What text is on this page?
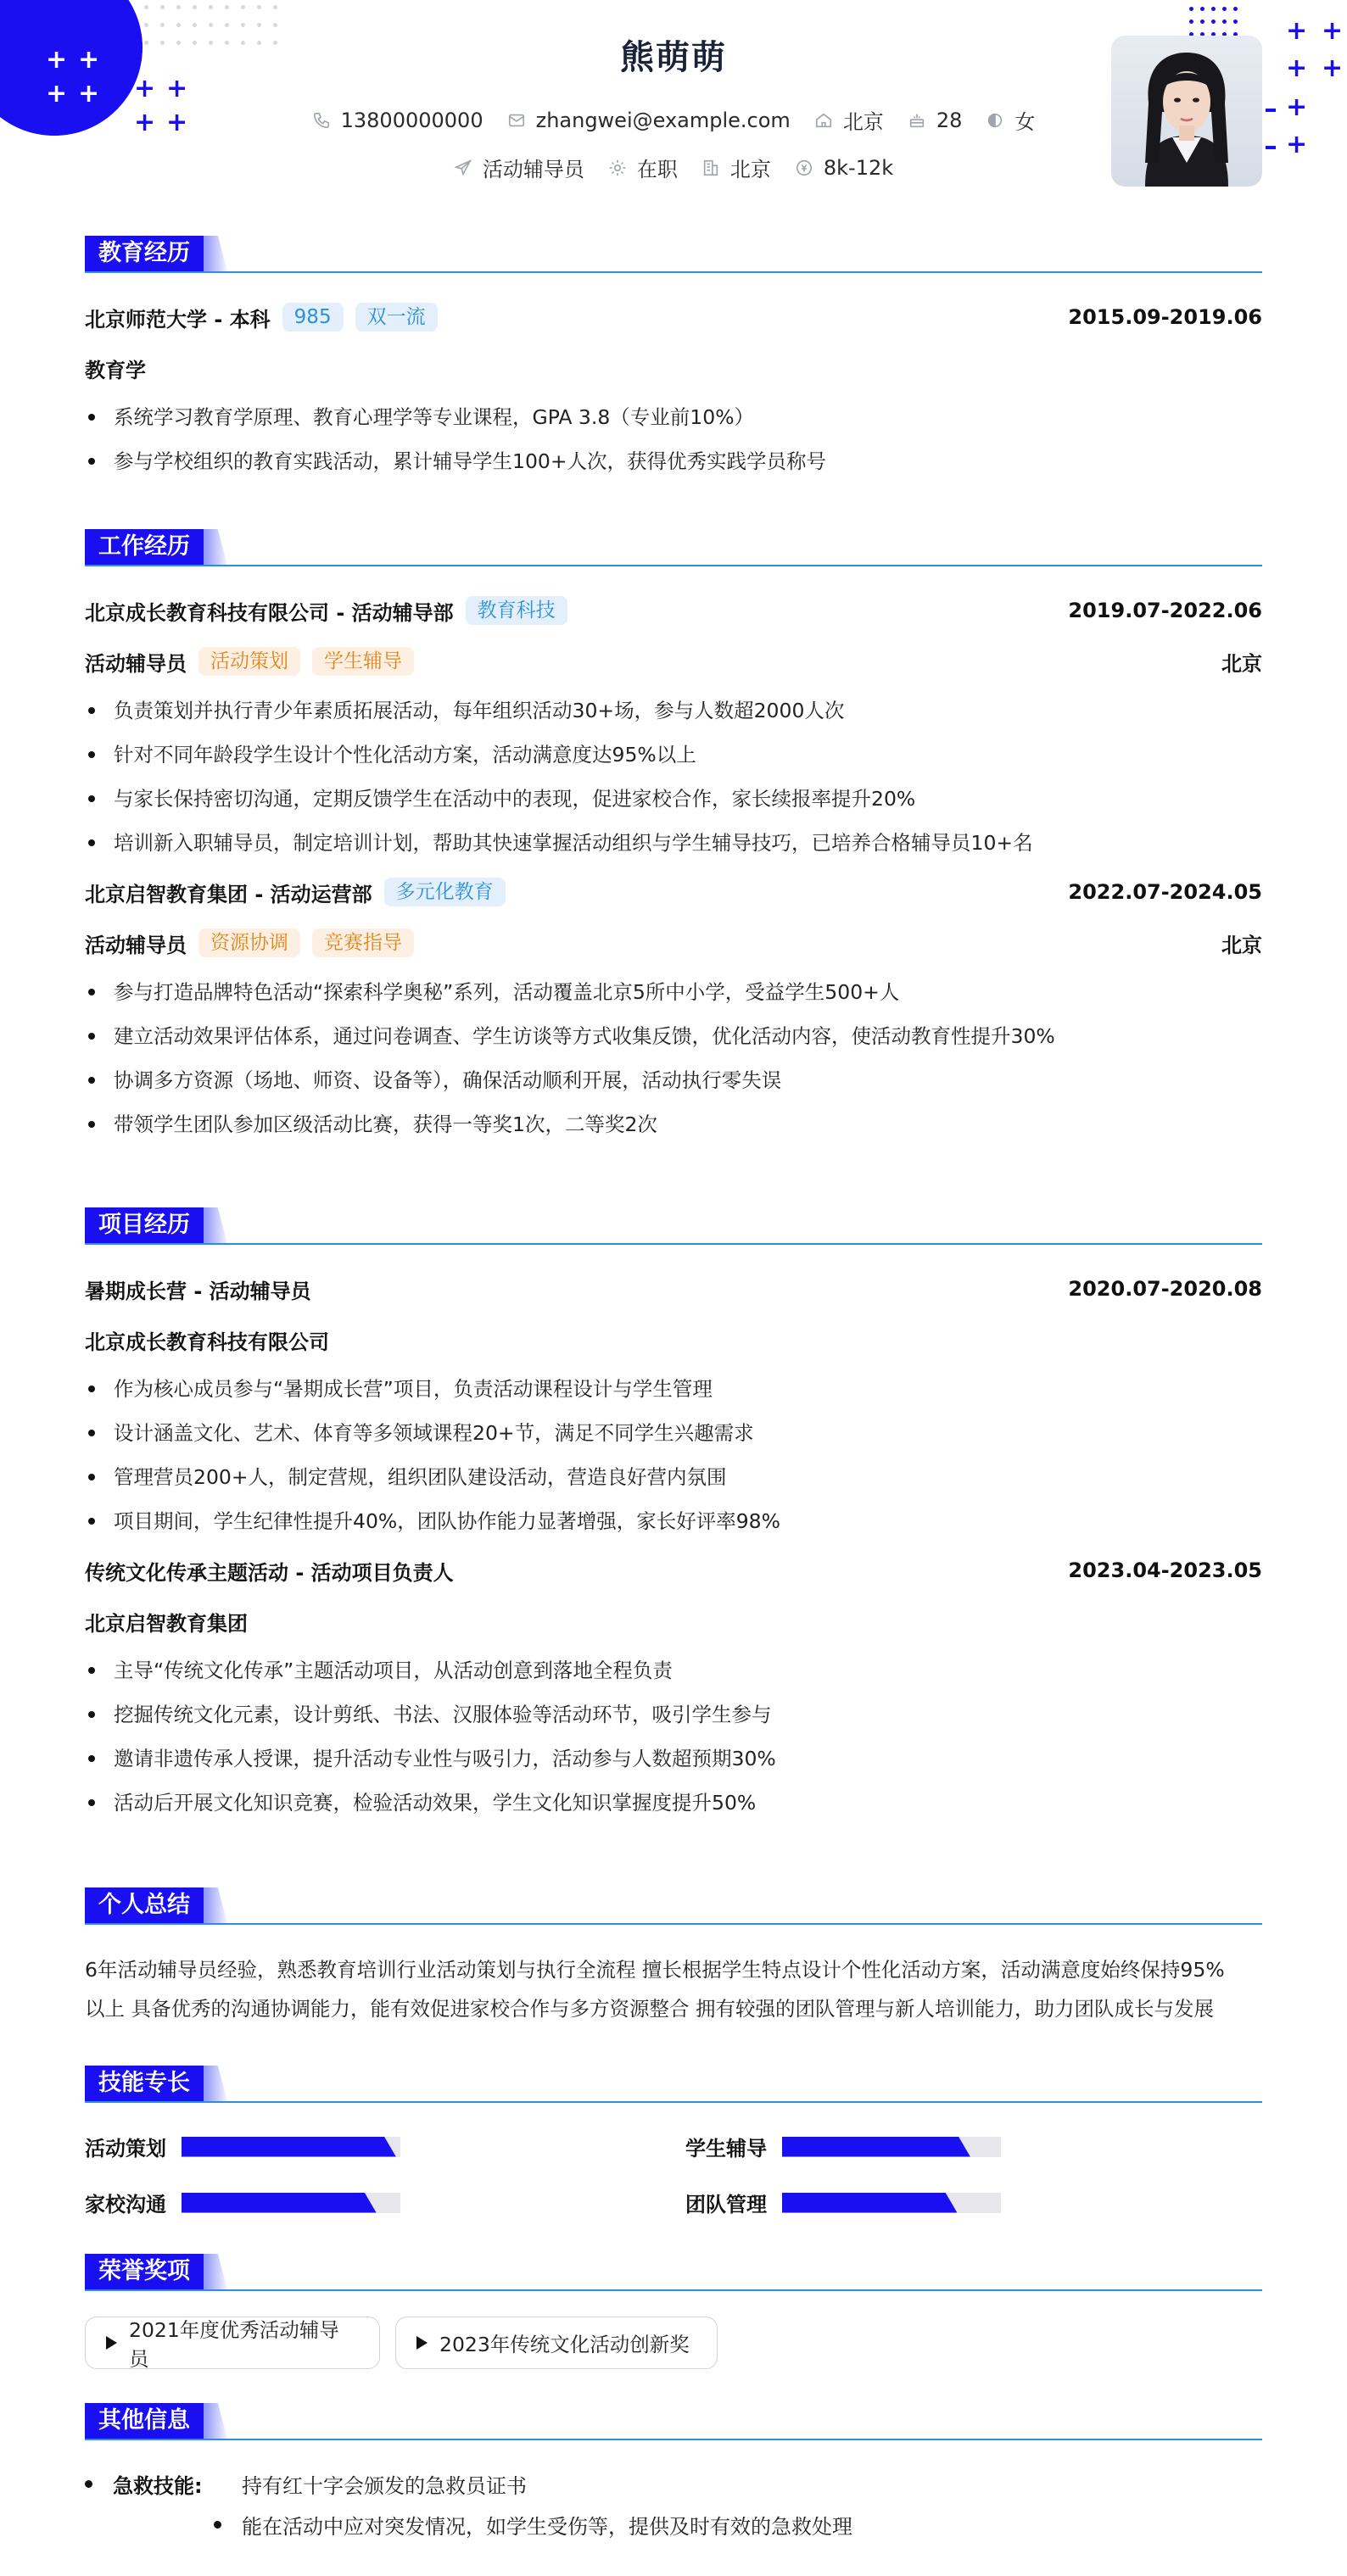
+ +
+ + + +
+ +
+ +
+ +
+
+
熊萌萌
13800000000	zhangwei@example.com	北京	28	女
活动辅导员	在职	北京	8k-12k
教育经历
北京师范大学 - 本科	985	双一流	2015.09-2019.06
教育学
系统学习教育学原理、教育心理学等专业课程，GPA 3.8（专业前10%）
参与学校组织的教育实践活动，累计辅导学生100+人次，获得优秀实践学员称号
工作经历
北京成长教育科技有限公司 - 活动辅导部	教育科技	2019.07-2022.06
活动辅导员	活动策划	学生辅导	北京
负责策划并执行青少年素质拓展活动，每年组织活动30+场，参与人数超2000人次
针对不同年龄段学生设计个性化活动方案，活动满意度达95%以上
与家长保持密切沟通，定期反馈学生在活动中的表现，促进家校合作，家长续报率提升20%
培训新入职辅导员，制定培训计划，帮助其快速掌握活动组织与学生辅导技巧，已培养合格辅导员10+名
北京启智教育集团 - 活动运营部	多元化教育	2022.07-2024.05
活动辅导员	资源协调	竞赛指导	北京
参与打造品牌特色活动“探索科学奥秘”系列，活动覆盖北京5所中小学，受益学生500+人
建立活动效果评估体系，通过问卷调查、学生访谈等方式收集反馈，优化活动内容，使活动教育性提升30%
协调多方资源（场地、师资、设备等），确保活动顺利开展，活动执行零失误
带领学生团队参加区级活动比赛，获得一等奖1次，二等奖2次
项目经历
暑期成长营 - 活动辅导员	2020.07-2020.08
北京成长教育科技有限公司
作为核心成员参与“暑期成长营”项目，负责活动课程设计与学生管理
设计涵盖文化、艺术、体育等多领域课程20+节，满足不同学生兴趣需求
管理营员200+人，制定营规，组织团队建设活动，营造良好营内氛围
项目期间，学生纪律性提升40%，团队协作能力显著增强，家长好评率98%
传统文化传承主题活动 - 活动项目负责人	2023.04-2023.05
北京启智教育集团
主导“传统文化传承”主题活动项目，从活动创意到落地全程负责
挖掘传统文化元素，设计剪纸、书法、汉服体验等活动环节，吸引学生参与
邀请非遗传承人授课，提升活动专业性与吸引力，活动参与人数超预期30%
活动后开展文化知识竞赛，检验活动效果，学生文化知识掌握度提升50%
个人总结
6年活动辅导员经验，熟悉教育培训行业活动策划与执行全流程 擅长根据学生特点设计个性化活动方案，活动满意度始终保持95%
以上 具备优秀的沟通协调能力，能有效促进家校合作与多方资源整合 拥有较强的团队管理与新人培训能力，助力团队成长与发展
技能专长
活动策划	学生辅导
家校沟通	团队管理
荣誉奖项
2021年度优秀活动辅导员
2023年传统文化活动创新奖
其他信息
急救技能:	持有红十字会颁发的急救员证书
能在活动中应对突发情况，如学生受伤等，提供及时有效的急救处理
